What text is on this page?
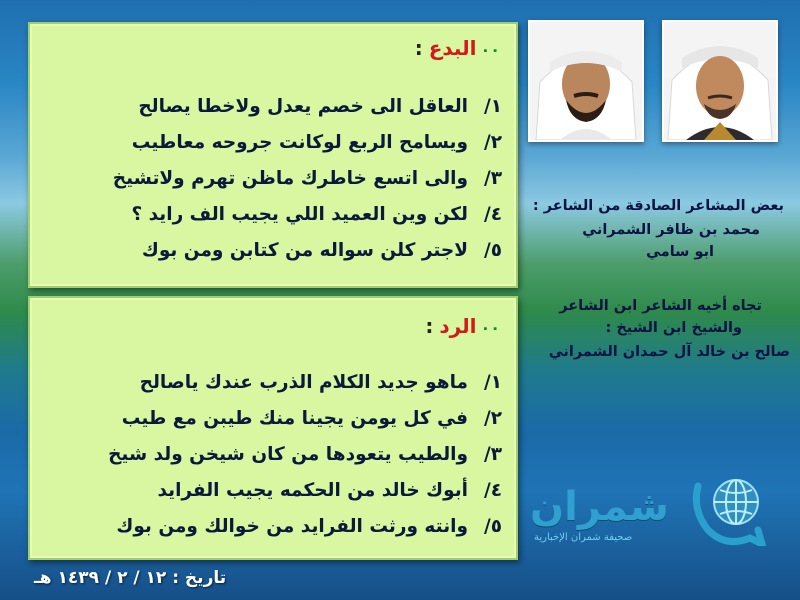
٠٠البدع:
١/العاقل الى خصم يعدل ولاخطا يصالح
٢/ويسامح الربع لوكانت جروحه معاطيب
٣/والى اتسع خاطرك ماظن تهرم ولاتشيخ
٤/لكن وين العميد اللي يجيب الف رايد ؟
٥/لاجتر كلن سواله من كتابن ومن بوك
٠٠الرد:
١/ماهو جديد الكلام الذرب عندك ياصالح
٢/في كل يومن يجينا منك طيبن مع طيب
٣/والطيب يتعودها من كان شيخن ولد شيخ
٤/أبوك خالد من الحكمه يجيب الفرايد
٥/وانته ورثت الفرايد من خوالك ومن بوك
بعض المشاعر الصادقة من الشاعر :
محمد بن ظافر الشمراني
ابو سامي
تجاه أخيه الشاعر ابن الشاعر
والشيخ ابن الشيخ :
صالح بن خالد آل حمدان الشمراني
شمران
صحيفة شمران الإخبارية
تاريخ : ١٢ / ٢ / ١٤٣٩ هـ
